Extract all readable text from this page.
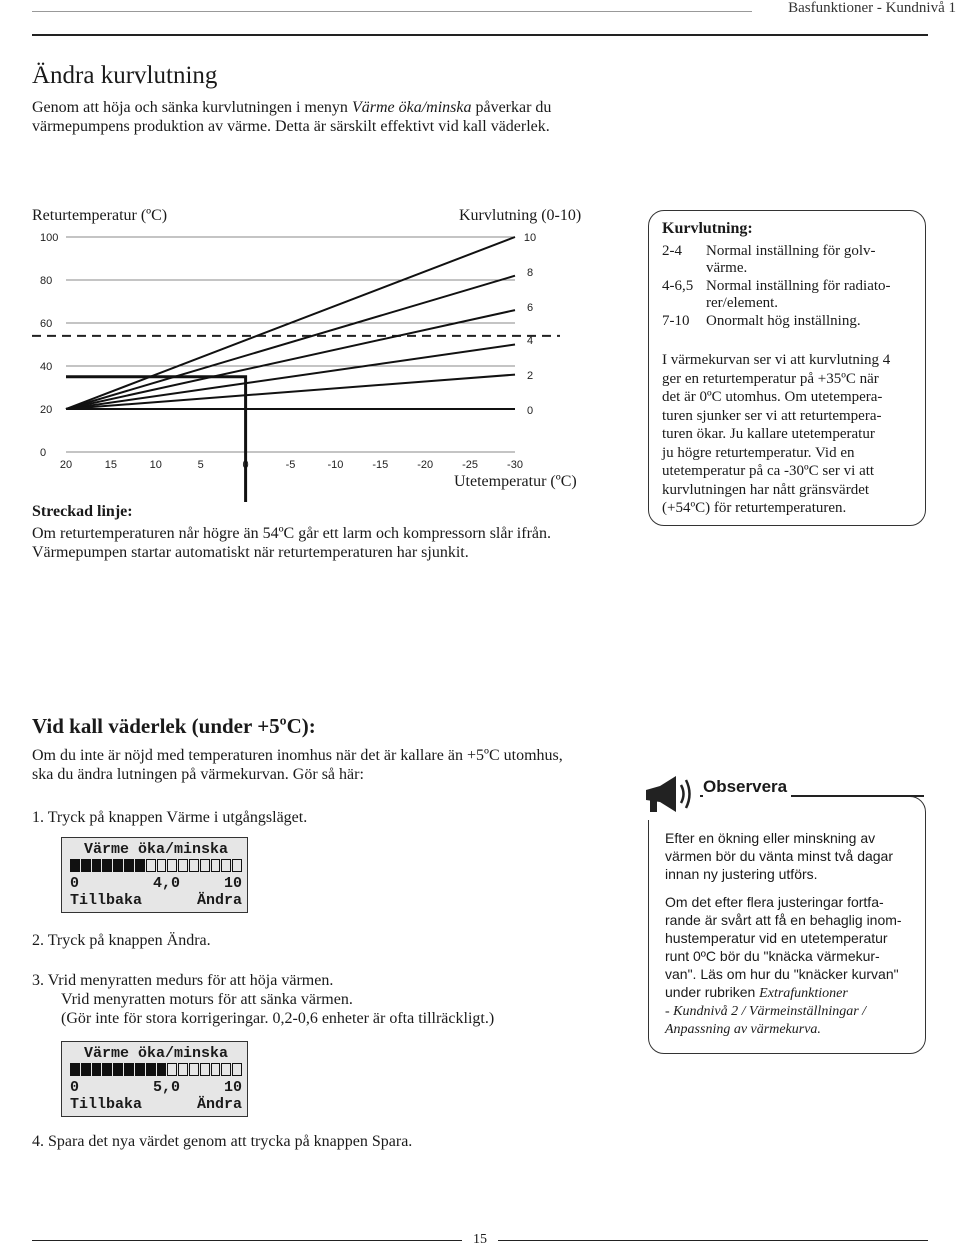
Basfunktioner - Kundnivå 1
Ändra kurvlutning
Genom att höja och sänka kurvlutningen i menyn Värme öka/minska påverkar du värmepumpens produktion av värme. Detta är särskilt effektivt vid kall väderlek.
Returtemperatur (ºC)	Kurvlutning (0-10)
Utetemperatur (ºC)
100
80
60
40
20
0
10
8
6
4
2
0
20	15	10	5	0	-5	-10	-15	-20	-25	-30
Streckad linje:
Om returtemperaturen når högre än 54ºC går ett larm och kompressorn slår ifrån. Värmepumpen startar automatiskt när returtemperaturen har sjunkit.
Kurvlutning:
2-4	Normal inställning för golv-
värme.
4-6,5 Normal inställning för radiato-
rer/element.
7-10	Onormalt hög inställning.
I värmekurvan ser vi att kurvlutning 4
ger en returtemperatur på +35ºC när
det är 0ºC utomhus. Om utetempera-
turen sjunker ser vi att returtempera-
turen ökar. Ju kallare utetemperatur
ju högre returtemperatur. Vid en
utetemperatur på ca -30ºC ser vi att
kurvlutningen har nått gränsvärdet
(+54ºC) för returtemperaturen.
Vid kall väderlek (under +5ºC):
Om du inte är nöjd med temperaturen inomhus när det är kallare än +5ºC utomhus, ska du ändra lutningen på värmekurvan. Gör så här:
1. Tryck på knappen Värme i utgångsläget.
Värme öka/minska
0	4,0	10
Tillbaka	Ändra
2. Tryck på knappen Ändra.
3. Vrid menyratten medurs för att höja värmen.
Vrid menyratten moturs för att sänka värmen.
(Gör inte för stora korrigeringar. 0,2-0,6 enheter är ofta tillräckligt.)
Värme öka/minska
0	5,0	10
Tillbaka	Ändra
4. Spara det nya värdet genom att trycka på knappen Spara.
Efter en ökning eller minskning av
värmen bör du vänta minst två dagar
innan ny justering utförs.
Om det efter flera justeringar fortfa-
rande är svårt att få en behaglig inom-
hustemperatur vid en utetemperatur
runt 0ºC bör du "knäcka värmekur-
van". Läs om hur du "knäcker kurvan"
under rubriken Extrafunktioner
- Kundnivå 2 / Värmeinställningar /
Anpassning av värmekurva.
Observera
15
